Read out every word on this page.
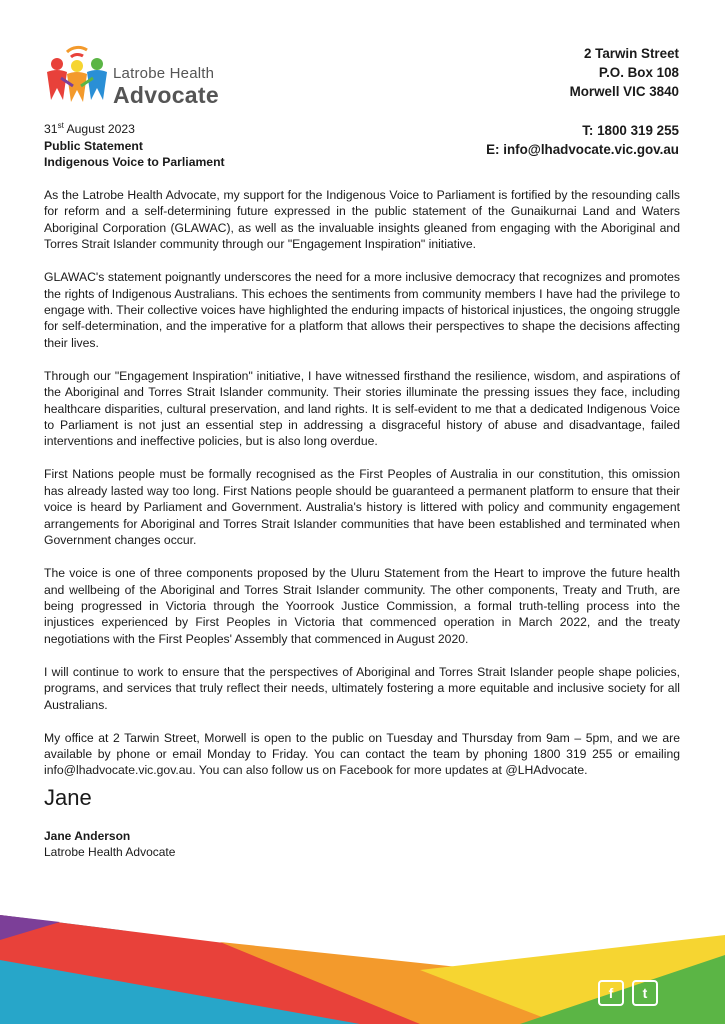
Latrobe Health
Advocate
2 Tarwin Street
P.O. Box 108
Morwell VIC 3840
T: 1800 319 255
E: info@lhadvocate.vic.gov.au
31st August 2023
Public Statement
Indigenous Voice to Parliament

As the Latrobe Health Advocate, my support for the Indigenous Voice to Parliament is fortified by the resounding calls for reform and a self-determining future expressed in the public statement of the Gunaikurnai Land and Waters Aboriginal Corporation (GLAWAC), as well as the invaluable insights gleaned from engaging with the Aboriginal and Torres Strait Islander community through our "Engagement Inspiration" initiative.

GLAWAC's statement poignantly underscores the need for a more inclusive democracy that recognizes and promotes the rights of Indigenous Australians. This echoes the sentiments from community members I have had the privilege to engage with. Their collective voices have highlighted the enduring impacts of historical injustices, the ongoing struggle for self-determination, and the imperative for a platform that allows their perspectives to shape the decisions affecting their lives.

Through our "Engagement Inspiration" initiative, I have witnessed firsthand the resilience, wisdom, and aspirations of the Aboriginal and Torres Strait Islander community. Their stories illuminate the pressing issues they face, including healthcare disparities, cultural preservation, and land rights. It is self-evident to me that a dedicated Indigenous Voice to Parliament is not just an essential step in addressing a disgraceful history of abuse and disadvantage, failed interventions and ineffective policies, but is also long overdue.

First Nations people must be formally recognised as the First Peoples of Australia in our constitution, this omission has already lasted way too long. First Nations people should be guaranteed a permanent platform to ensure that their voice is heard by Parliament and Government. Australia's history is littered with policy and community engagement arrangements for Aboriginal and Torres Strait Islander communities that have been established and terminated when Government changes occur.

The voice is one of three components proposed by the Uluru Statement from the Heart to improve the future health and wellbeing of the Aboriginal and Torres Strait Islander community. The other components, Treaty and Truth, are being progressed in Victoria through the Yoorrook Justice Commission, a formal truth-telling process into the injustices experienced by First Peoples in Victoria that commenced operation in March 2022, and the treaty negotiations with the First Peoples' Assembly that commenced in August 2020.

I will continue to work to ensure that the perspectives of Aboriginal and Torres Strait Islander people shape policies, programs, and services that truly reflect their needs, ultimately fostering a more equitable and inclusive society for all Australians.

My office at 2 Tarwin Street, Morwell is open to the public on Tuesday and Thursday from 9am – 5pm, and we are available by phone or email Monday to Friday. You can contact the team by phoning 1800 319 255 or emailing info@lhadvocate.vic.gov.au. You can also follow us on Facebook for more updates at @LHAdvocate.

Jane
Jane Anderson
Latrobe Health Advocate
f	t
